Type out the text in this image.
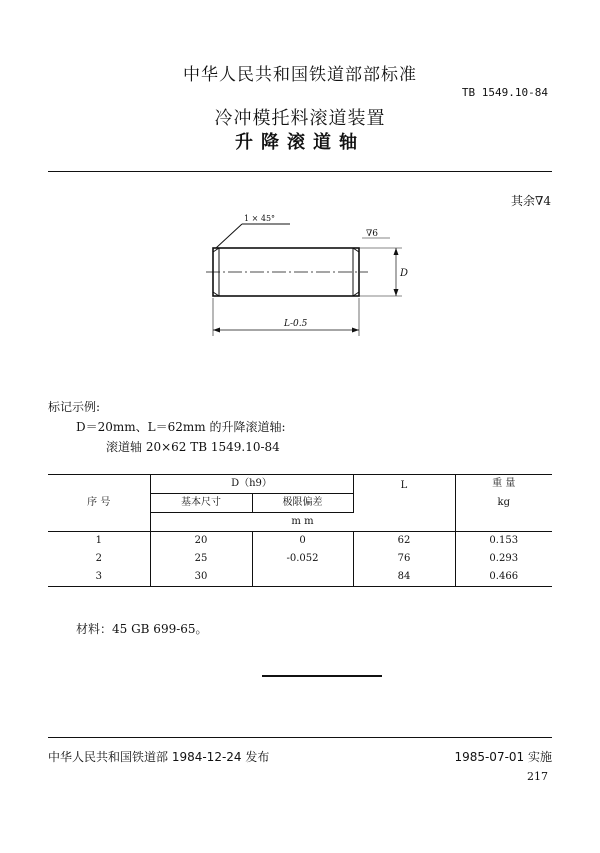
中华人民共和国铁道部部标准
TB 1549.10-84
冷冲模托料滚道装置
升降滚道轴
其余∇4
1 × 45°
∇6
D
L-0.5
标记示例:
D＝20mm、L＝62mm 的升降滚道轴:
滚道轴 20×62 TB 1549.10-84
序 号	D（h9）		L	重 量
	基本尺寸	极限偏差		kg
	m m			
1	20	0	62	0.153
2	25	-0.052	76	0.293
3	30		84	0.466
材料：45 GB 699-65。
中华人民共和国铁道部 1984-12-24 发布	1985-07-01 实施
217
